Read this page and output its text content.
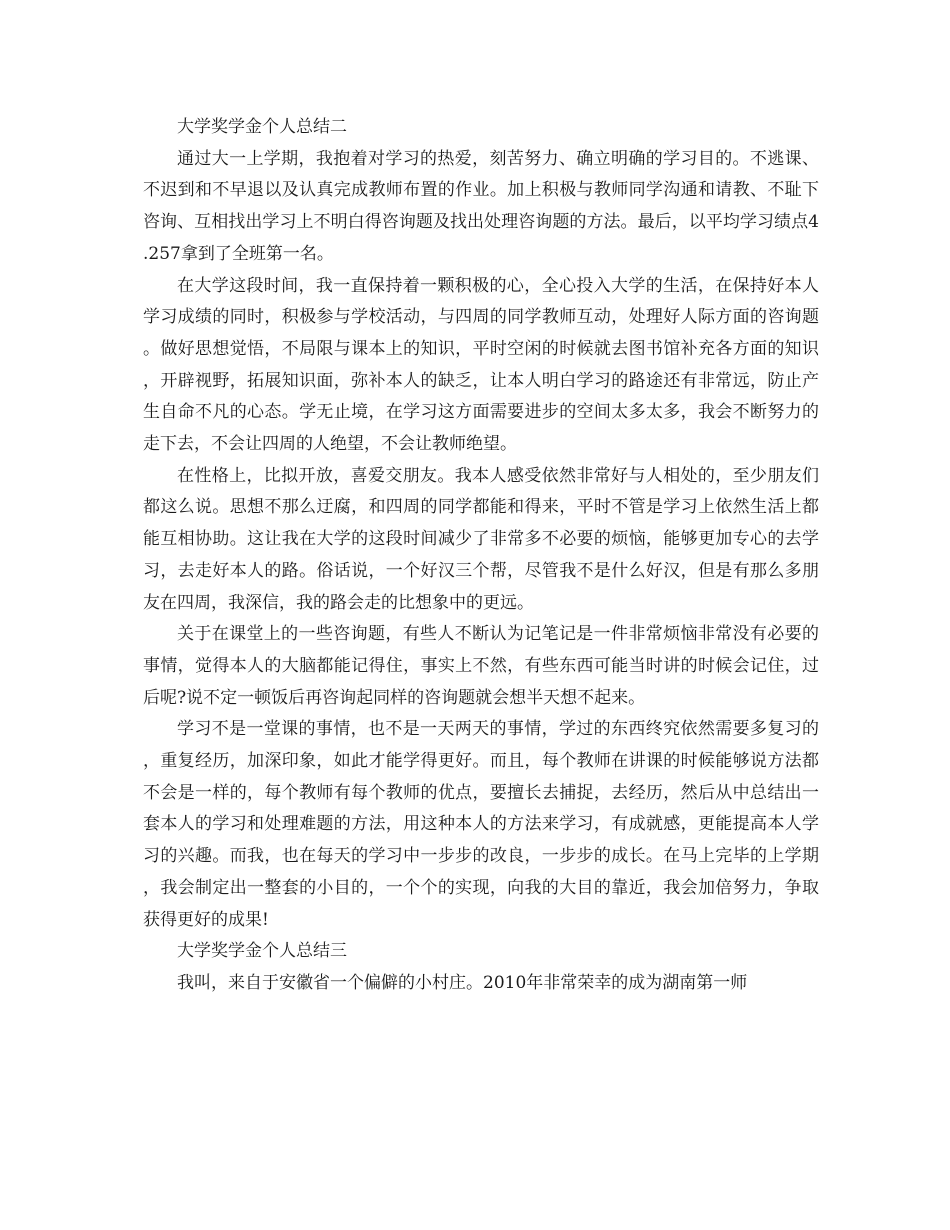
大学奖学金个人总结二

通过大一上学期，我抱着对学习的热爱，刻苦努力、确立明确的学习目的。不逃课、不迟到和不早退以及认真完成教师布置的作业。加上积极与教师同学沟通和请教、不耻下咨询、互相找出学习上不明白得咨询题及找出处理咨询题的方法。最后，以平均学习绩点4.257拿到了全班第一名。

在大学这段时间，我一直保持着一颗积极的心，全心投入大学的生活，在保持好本人学习成绩的同时，积极参与学校活动，与四周的同学教师互动，处理好人际方面的咨询题。做好思想觉悟，不局限与课本上的知识，平时空闲的时候就去图书馆补充各方面的知识，开辟视野，拓展知识面，弥补本人的缺乏，让本人明白学习的路途还有非常远，防止产生自命不凡的心态。学无止境，在学习这方面需要进步的空间太多太多，我会不断努力的走下去，不会让四周的人绝望，不会让教师绝望。

在性格上，比拟开放，喜爱交朋友。我本人感受依然非常好与人相处的，至少朋友们都这么说。思想不那么迂腐，和四周的同学都能和得来，平时不管是学习上依然生活上都能互相协助。这让我在大学的这段时间减少了非常多不必要的烦恼，能够更加专心的去学习，去走好本人的路。俗话说，一个好汉三个帮，尽管我不是什么好汉，但是有那么多朋友在四周，我深信，我的路会走的比想象中的更远。

关于在课堂上的一些咨询题，有些人不断认为记笔记是一件非常烦恼非常没有必要的事情，觉得本人的大脑都能记得住，事实上不然，有些东西可能当时讲的时候会记住，过后呢?说不定一顿饭后再咨询起同样的咨询题就会想半天想不起来。

学习不是一堂课的事情，也不是一天两天的事情，学过的东西终究依然需要多复习的，重复经历，加深印象，如此才能学得更好。而且，每个教师在讲课的时候能够说方法都不会是一样的，每个教师有每个教师的优点，要擅长去捕捉，去经历，然后从中总结出一套本人的学习和处理难题的方法，用这种本人的方法来学习，有成就感，更能提高本人学习的兴趣。而我，也在每天的学习中一步步的改良，一步步的成长。在马上完毕的上学期，我会制定出一整套的小目的，一个个的实现，向我的大目的靠近，我会加倍努力，争取获得更好的成果!

大学奖学金个人总结三

我叫，来自于安徽省一个偏僻的小村庄。2010年非常荣幸的成为湖南第一师
